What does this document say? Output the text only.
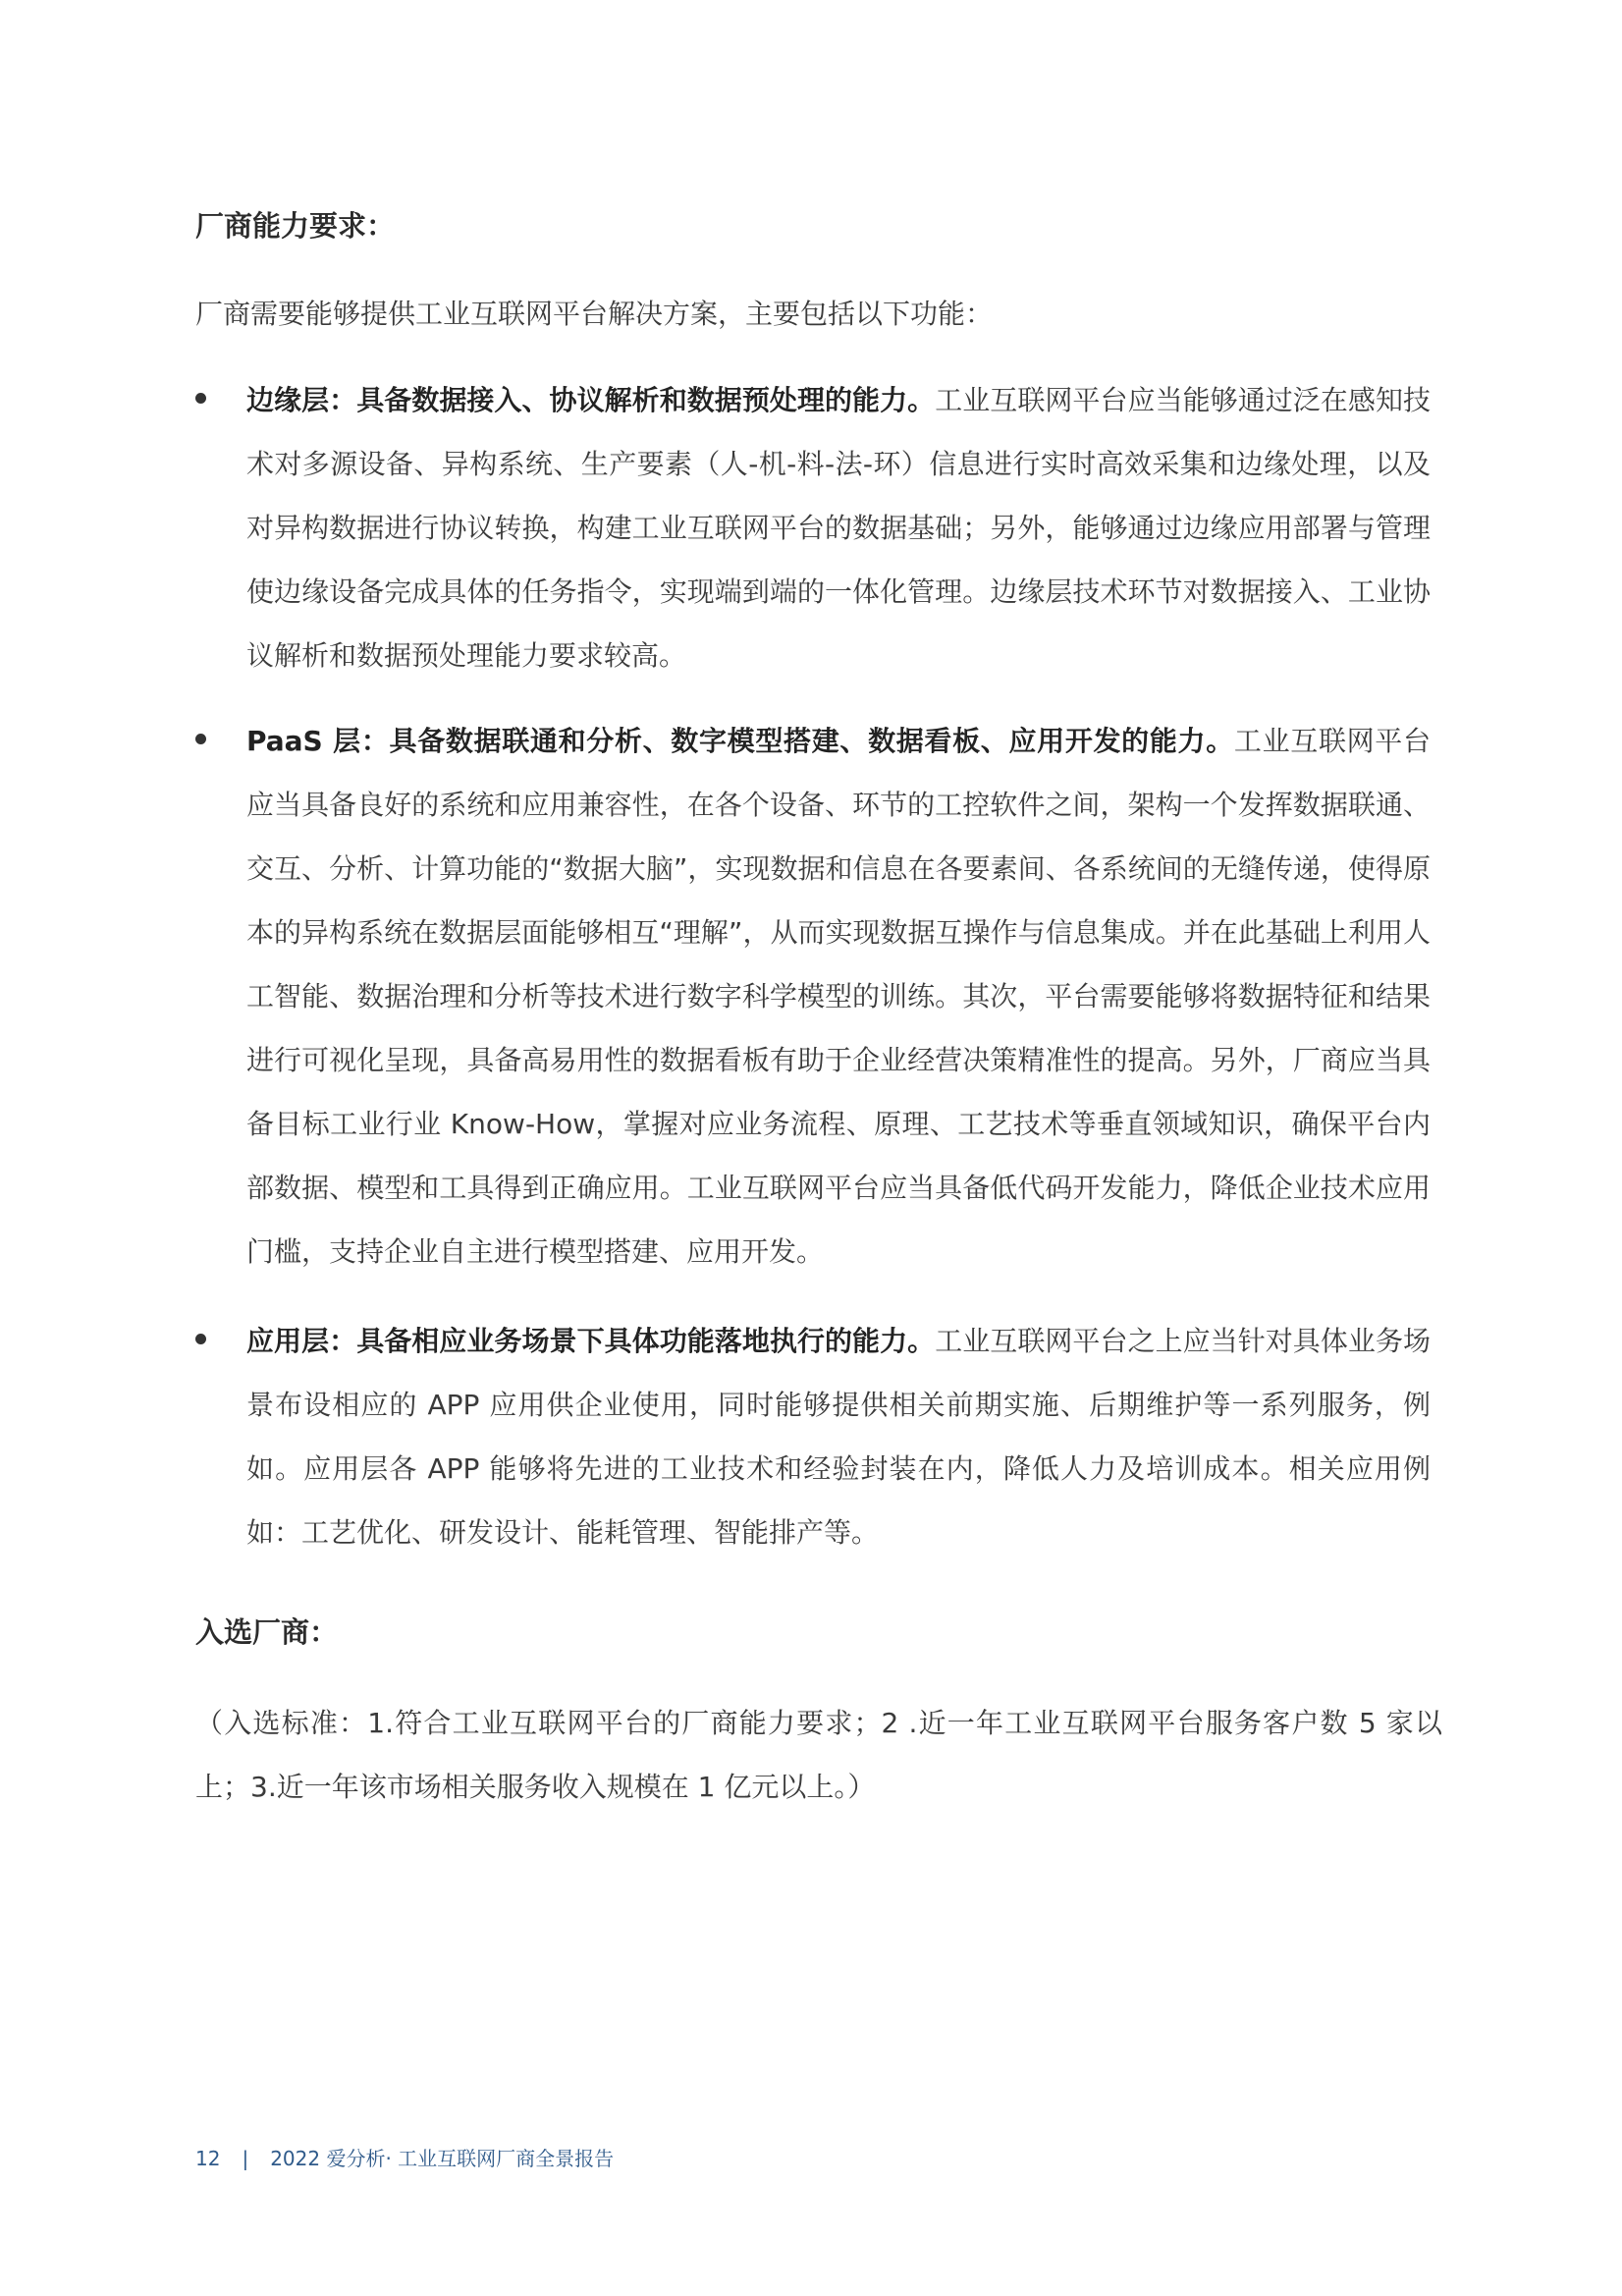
厂商能力要求：

厂商需要能够提供工业互联网平台解决方案，主要包括以下功能：

边缘层：具备数据接入、协议解析和数据预处理的能力。工业互联网平台应当能够通过泛在感知技术对多源设备、异构系统、生产要素（人-机-料-法-环）信息进行实时高效采集和边缘处理，以及对异构数据进行协议转换，构建工业互联网平台的数据基础；另外，能够通过边缘应用部署与管理使边缘设备完成具体的任务指令，实现端到端的一体化管理。边缘层技术环节对数据接入、工业协议解析和数据预处理能力要求较高。

PaaS 层：具备数据联通和分析、数字模型搭建、数据看板、应用开发的能力。工业互联网平台应当具备良好的系统和应用兼容性，在各个设备、环节的工控软件之间，架构一个发挥数据联通、交互、分析、计算功能的“数据大脑”，实现数据和信息在各要素间、各系统间的无缝传递，使得原本的异构系统在数据层面能够相互“理解”，从而实现数据互操作与信息集成。并在此基础上利用人工智能、数据治理和分析等技术进行数字科学模型的训练。其次，平台需要能够将数据特征和结果进行可视化呈现，具备高易用性的数据看板有助于企业经营决策精准性的提高。另外，厂商应当具备目标工业行业 Know-How，掌握对应业务流程、原理、工艺技术等垂直领域知识，确保平台内部数据、模型和工具得到正确应用。工业互联网平台应当具备低代码开发能力，降低企业技术应用门槛，支持企业自主进行模型搭建、应用开发。

应用层：具备相应业务场景下具体功能落地执行的能力。工业互联网平台之上应当针对具体业务场景布设相应的 APP 应用供企业使用，同时能够提供相关前期实施、后期维护等一系列服务，例如。应用层各 APP 能够将先进的工业技术和经验封装在内，降低人力及培训成本。相关应用例如：工艺优化、研发设计、能耗管理、智能排产等。

入选厂商：

（入选标准：1.符合工业互联网平台的厂商能力要求；2 .近一年工业互联网平台服务客户数 5 家以上；3.近一年该市场相关服务收入规模在 1 亿元以上。）

12 | 2022 爱分析· 工业互联网厂商全景报告
